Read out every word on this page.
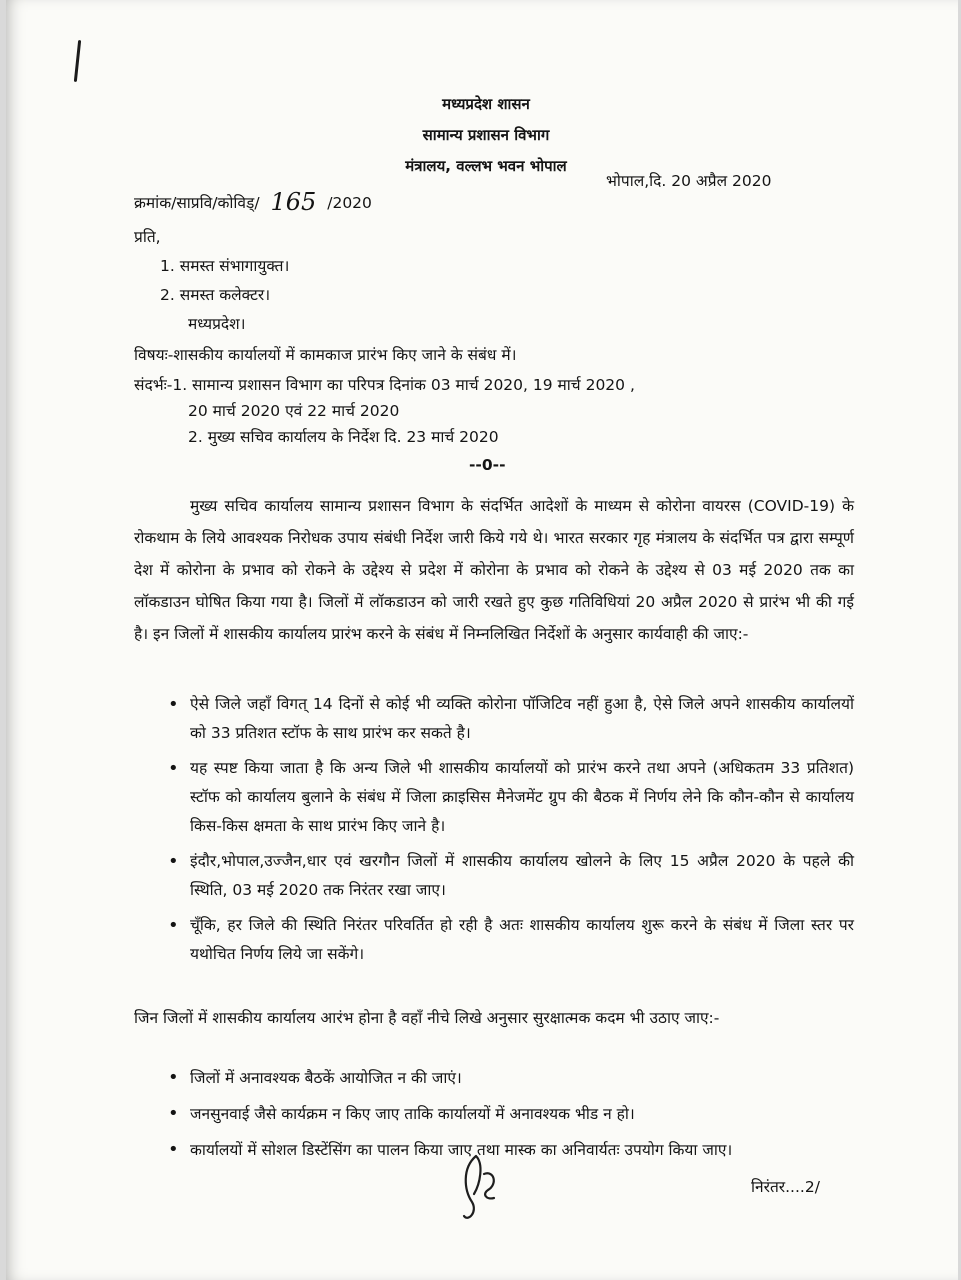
मध्यप्रदेश शासन
सामान्य प्रशासन विभाग
मंत्रालय, वल्लभ भवन भोपाल
क्रमांक/साप्रवि/कोविड्/ 165 /2020
भोपाल,दि. 20 अप्रैल 2020
प्रति,
1. समस्त संभागायुक्त।
2. समस्त कलेक्टर।
मध्यप्रदेश।
विषयः-शासकीय कार्यालयों में कामकाज प्रारंभ किए जाने के संबंध में।
संदर्भः-1. सामान्य प्रशासन विभाग का परिपत्र दिनांक 03 मार्च 2020, 19 मार्च 2020 ,
20 मार्च 2020 एवं 22 मार्च 2020
2. मुख्य सचिव कार्यालय के निर्देश दि. 23 मार्च 2020
--0--

मुख्य सचिव कार्यालय सामान्य प्रशासन विभाग के संदर्भित आदेशों के माध्यम से कोरोना वायरस (COVID-19) के रोकथाम के लिये आवश्यक निरोधक उपाय संबंधी निर्देश जारी किये गये थे। भारत सरकार गृह मंत्रालय के संदर्भित पत्र द्वारा सम्पूर्ण देश में कोरोना के प्रभाव को रोकने के उद्देश्य से प्रदेश में कोरोना के प्रभाव को रोकने के उद्देश्य से 03 मई 2020 तक का लॉकडाउन घोषित किया गया है। जिलों में लॉकडाउन को जारी रखते हुए कुछ गतिविधियां 20 अप्रैल 2020 से प्रारंभ भी की गई है। इन जिलों में शासकीय कार्यालय प्रारंभ करने के संबंध में निम्नलिखित निर्देशों के अनुसार कार्यवाही की जाए:-

• ऐसे जिले जहाँ विगत् 14 दिनों से कोई भी व्यक्ति कोरोना पॉजिटिव नहीं हुआ है, ऐसे जिले अपने शासकीय कार्यालयों को 33 प्रतिशत स्टॉफ के साथ प्रारंभ कर सकते है।
• यह स्पष्ट किया जाता है कि अन्य जिले भी शासकीय कार्यालयों को प्रारंभ करने तथा अपने (अधिकतम 33 प्रतिशत) स्टॉफ को कार्यालय बुलाने के संबंध में जिला क्राइसिस मैनेजमेंट ग्रुप की बैठक में निर्णय लेने कि कौन-कौन से कार्यालय किस-किस क्षमता के साथ प्रारंभ किए जाने है।
• इंदौर,भोपाल,उज्जैन,धार एवं खरगौन जिलों में शासकीय कार्यालय खोलने के लिए 15 अप्रैल 2020 के पहले की स्थिति, 03 मई 2020 तक निरंतर रखा जाए।
• चूँकि, हर जिले की स्थिति निरंतर परिवर्तित हो रही है अतः शासकीय कार्यालय शुरू करने के संबंध में जिला स्तर पर यथोचित निर्णय लिये जा सकेंगे।

जिन जिलों में शासकीय कार्यालय आरंभ होना है वहाँ नीचे लिखे अनुसार सुरक्षात्मक कदम भी उठाए जाए:-

• जिलों में अनावश्यक बैठकें आयोजित न की जाएं।
• जनसुनवाई जैसे कार्यक्रम न किए जाए ताकि कार्यालयों में अनावश्यक भीड न हो।
• कार्यालयों में सोशल डिस्टेंसिंग का पालन किया जाए तथा मास्क का अनिवार्यतः उपयोग किया जाए।
निरंतर....2/
